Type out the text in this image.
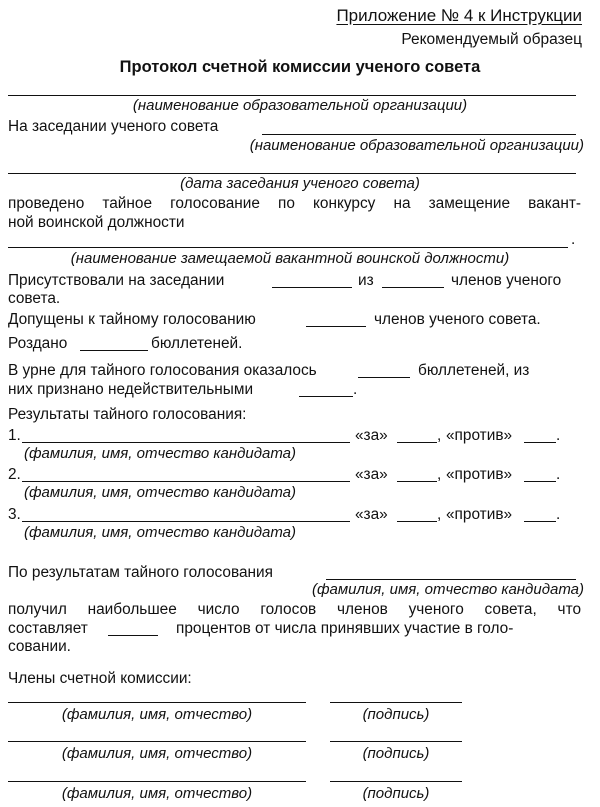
Приложение № 4 к Инструкции
Рекомендуемый образец
Протокол счетной комиссии ученого совета
(наименование образовательной организации)
На заседании ученого совета
(наименование образовательной организации)
(дата заседания ученого совета)
проведено тайное голосование по конкурсу на замещение вакант-
ной воинской должности
.
(наименование замещаемой вакантной воинской должности)
Присутствовали на заседании	из	членов ученого
совета.
Допущены к тайному голосованию	членов ученого совета.
Роздано	бюллетеней.
В урне для тайного голосования оказалось	бюллетеней, из
них признано недействительными	.
Результаты тайного голосования:
1.	«за»	, «против»	.
(фамилия, имя, отчество кандидата)
2.	«за»	, «против»	.
(фамилия, имя, отчество кандидата)
3.	«за»	, «против»	.
(фамилия, имя, отчество кандидата)
По результатам тайного голосования
(фамилия, имя, отчество кандидата)
получил наибольшее число голосов членов ученого совета, что
составляет	процентов от числа принявших участие в голо-
совании.
Члены счетной комиссии:
(фамилия, имя, отчество)	(подпись)
(фамилия, имя, отчество)	(подпись)
(фамилия, имя, отчество)	(подпись)
